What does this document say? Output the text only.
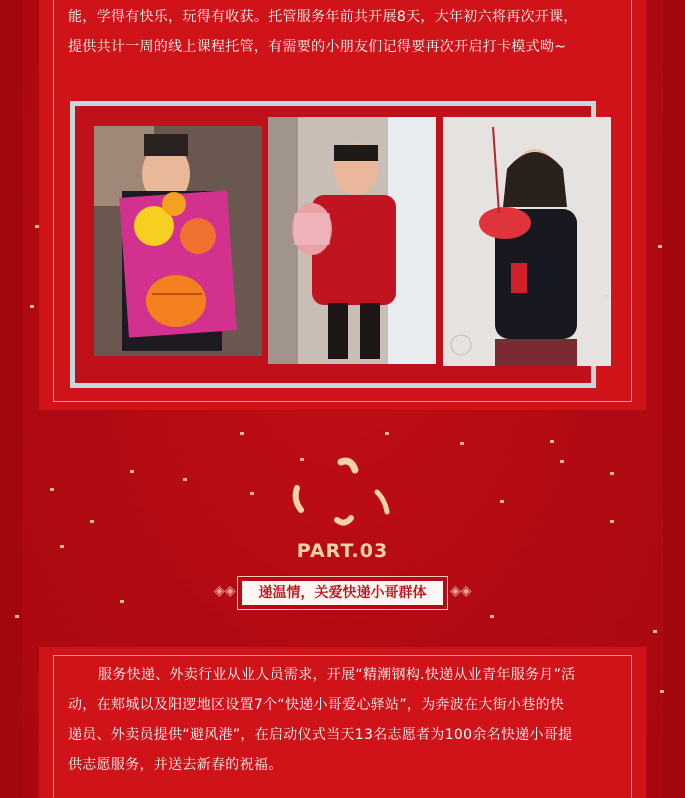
能，学得有快乐，玩得有收获。托管服务年前共开展8天，大年初六将再次开课，
提供共计一周的线上课程托管，有需要的小朋友们记得要再次开启打卡模式呦~
PART.03
◈◈	递温情，关爱快递小哥群体	◈◈
服务快递、外卖行业从业人员需求，开展“精潮钢构.快递从业青年服务月”活
动，在郏城以及阳逻地区设置7个“快递小哥爱心驿站”，为奔波在大街小巷的快
递员、外卖员提供“避风港”，在启动仪式当天13名志愿者为100余名快递小哥提
供志愿服务，并送去新春的祝福。
